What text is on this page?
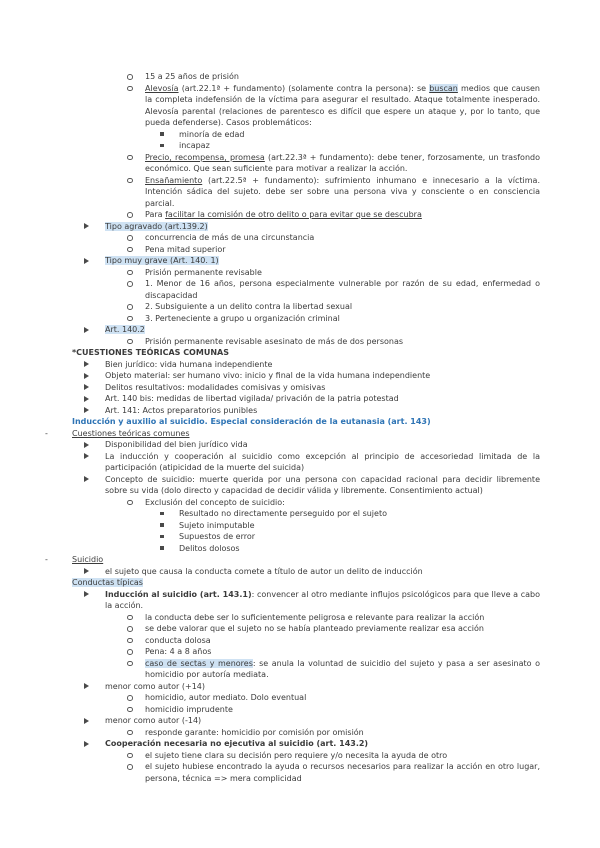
15 a 25 años de prisión
Alevosía (art.22.1ª + fundamento) (solamente contra la persona): se buscan medios que causen la completa indefensión de la víctima para asegurar el resultado. Ataque totalmente inesperado. Alevosía parental (relaciones de parentesco es difícil que espere un ataque y, por lo tanto, que pueda defenderse). Casos problemáticos:
minoría de edad
incapaz
Precio, recompensa, promesa (art.22.3ª + fundamento): debe tener, forzosamente, un trasfondo económico. Que sean suficiente para motivar a realizar la acción.
Ensañamiento (art.22.5ª + fundamento): sufrimiento inhumano e innecesario a la víctima. Intención sádica del sujeto. debe ser sobre una persona viva y consciente o en consciencia parcial.
Para facilitar la comisión de otro delito o para evitar que se descubra
Tipo agravado (art.139.2)
concurrencia de más de una circunstancia
Pena mitad superior
Tipo muy grave (Art. 140. 1)
Prisión permanente revisable
1. Menor de 16 años, persona especialmente vulnerable por razón de su edad, enfermedad o discapacidad
2. Subsiguiente a un delito contra la libertad sexual
3. Perteneciente a grupo u organización criminal
Art. 140.2
Prisión permanente revisable asesinato de más de dos personas
*CUESTIONES TEÓRICAS COMUNAS
Bien jurídico: vida humana independiente
Objeto material: ser humano vivo: inicio y final de la vida humana independiente
Delitos resultativos: modalidades comisivas y omisivas
Art. 140 bis: medidas de libertad vigilada/ privación de la patria potestad
Art. 141: Actos preparatorios punibles
Inducción y auxilio al suicidio. Especial consideración de la eutanasia (art. 143)
-	Cuestiones teóricas comunes
Disponibilidad del bien jurídico vida
La inducción y cooperación al suicidio como excepción al principio de accesoriedad limitada de la participación (atipicidad de la muerte del suicida)
Concepto de suicidio: muerte querida por una persona con capacidad racional para decidir libremente sobre su vida (dolo directo y capacidad de decidir válida y libremente. Consentimiento actual)
Exclusión del concepto de suicidio:
Resultado no directamente perseguido por el sujeto
Sujeto inimputable
Supuestos de error
Delitos dolosos
-	Suicidio
el sujeto que causa la conducta comete a título de autor un delito de inducción
Conductas típicas
Inducción al suicidio (art. 143.1): convencer al otro mediante influjos psicológicos para que lleve a cabo la acción.
la conducta debe ser lo suficientemente peligrosa e relevante para realizar la acción
se debe valorar que el sujeto no se había planteado previamente realizar esa acción
conducta dolosa
Pena: 4 a 8 años
caso de sectas y menores: se anula la voluntad de suicidio del sujeto y pasa a ser asesinato o homicidio por autoría mediata.
menor como autor (+14)
homicidio, autor mediato. Dolo eventual
homicidio imprudente
menor como autor (-14)
responde garante: homicidio por comisión por omisión
Cooperación necesaria no ejecutiva al suicidio (art. 143.2)
el sujeto tiene clara su decisión pero requiere y/o necesita la ayuda de otro
el sujeto hubiese encontrado la ayuda o recursos necesarios para realizar la acción en otro lugar, persona, técnica => mera complicidad
